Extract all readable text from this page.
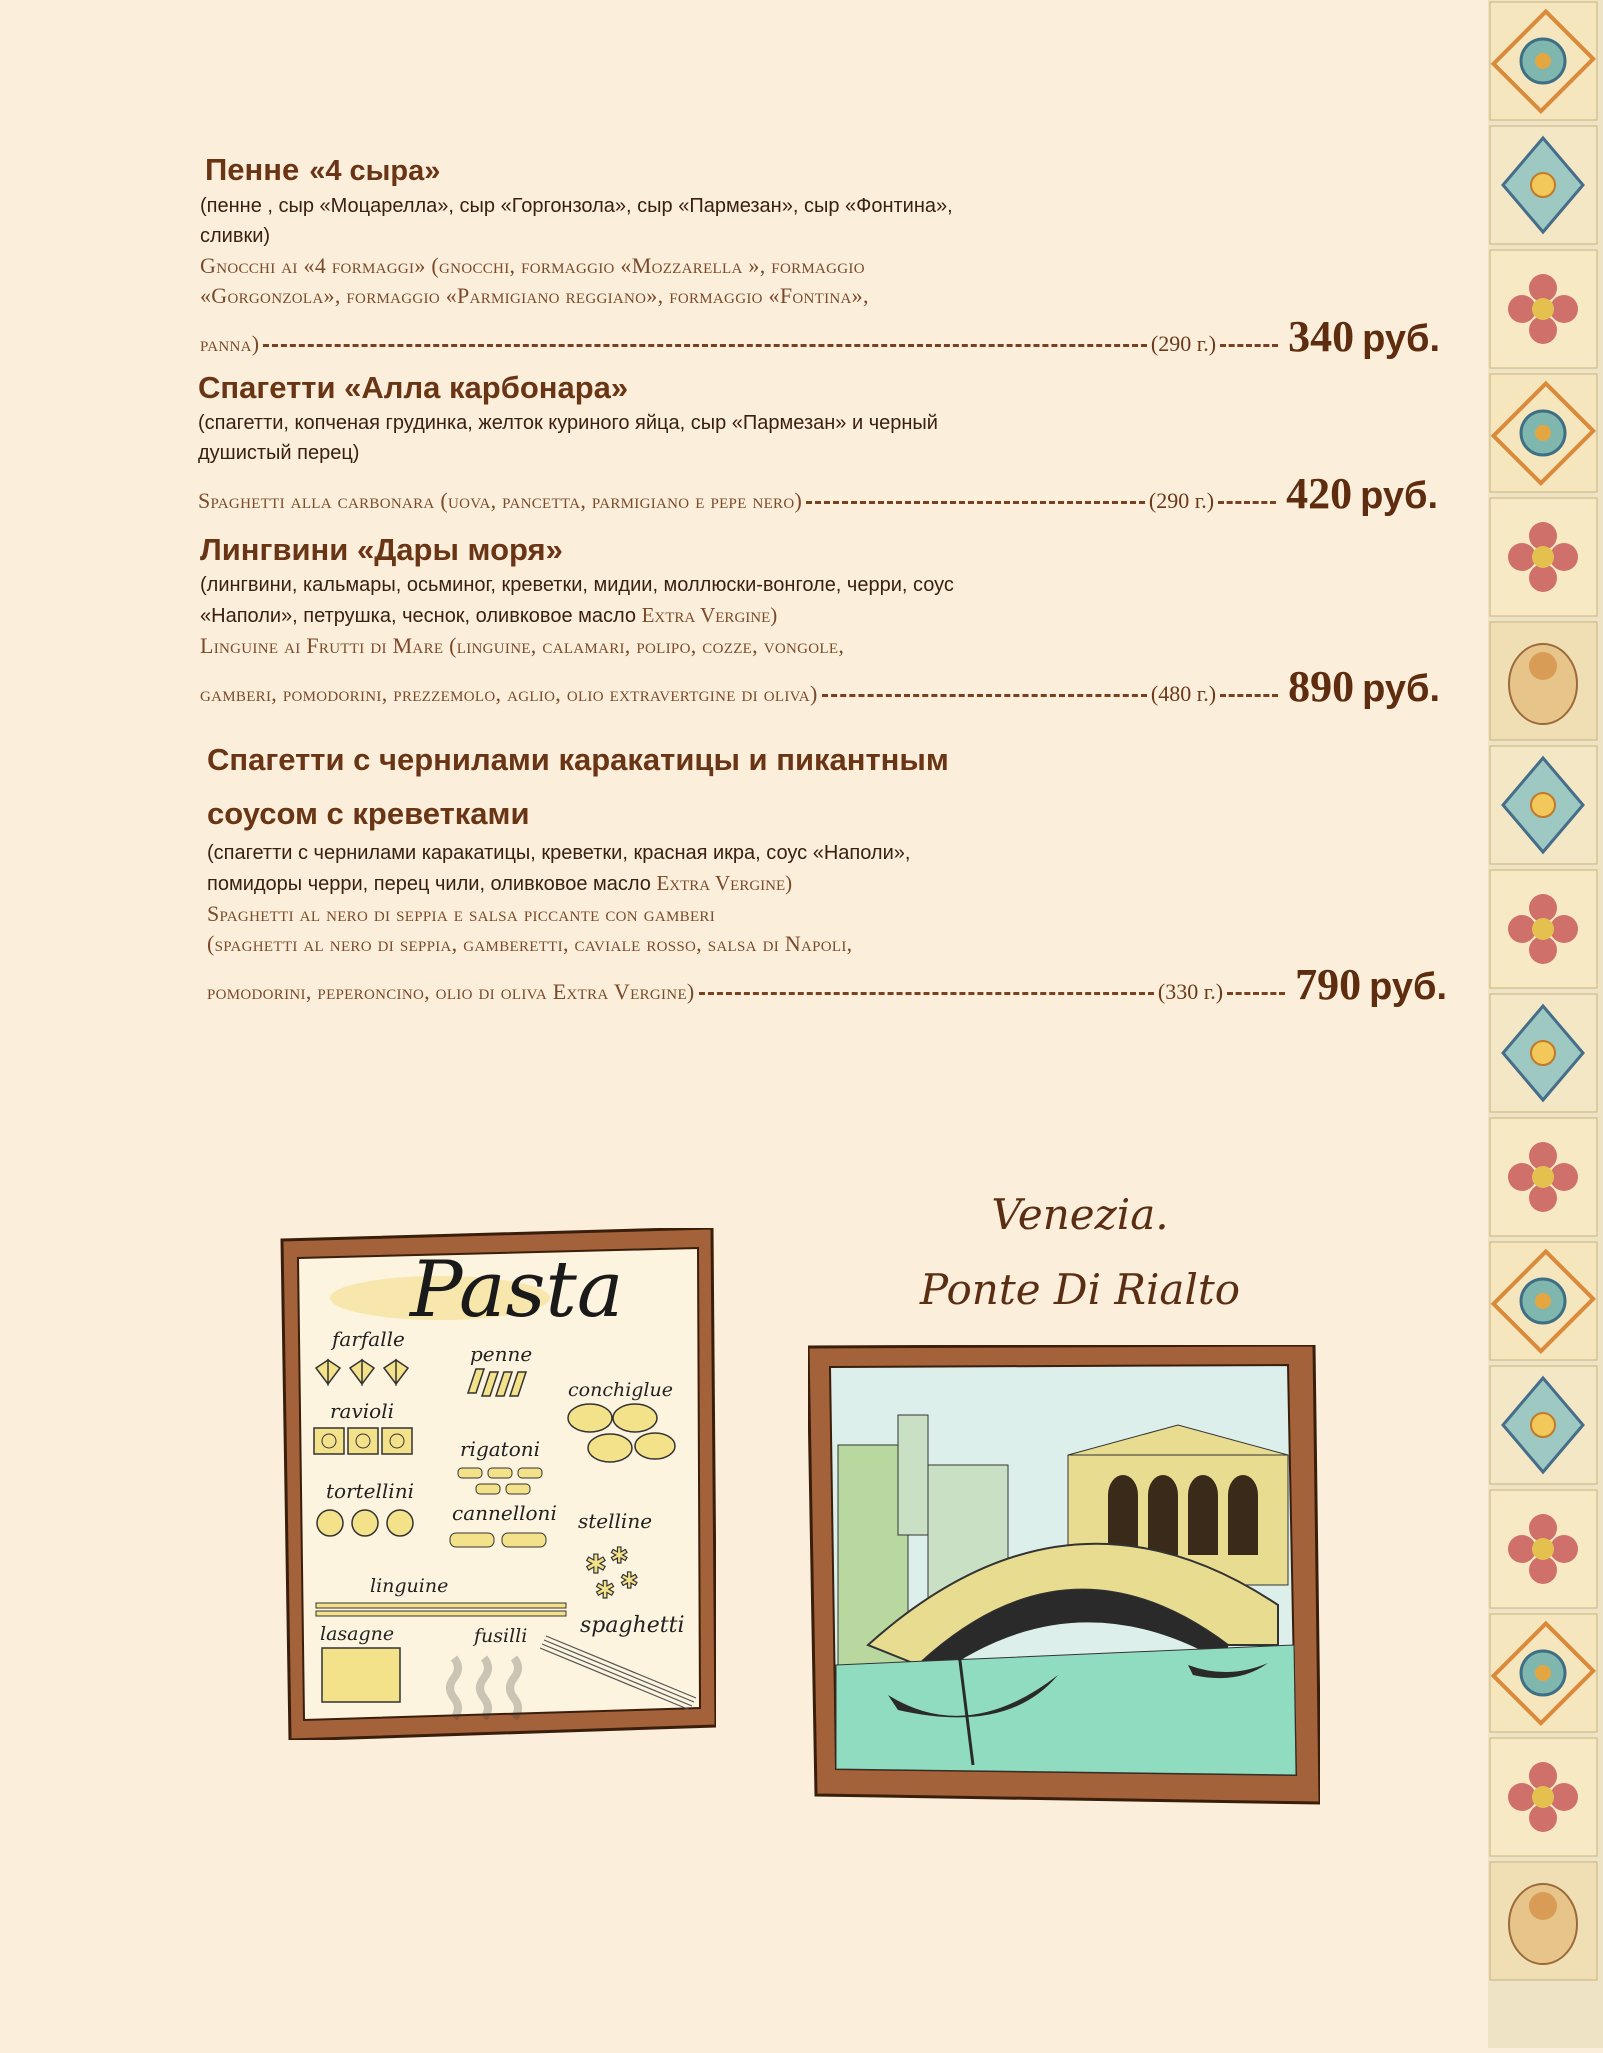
Пенне «4 сыра»
(пенне , сыр «Моцарелла», сыр «Горгонзола», сыр «Пармезан», сыр «Фонтина»,
сливки)
Gnocchi ai «4 formaggi» (gnocchi, formaggio «Mozzarella », formaggio
«Gorgonzola», formaggio «Parmigiano reggiano», formaggio «Fontina»,
panna)	(290 г.) 340 руб.
Спагетти «Алла карбонара»
(спагетти, копченая грудинка, желток куриного яйца, сыр «Пармезан» и черный
душистый перец)
Spaghetti alla carbonara (uova, pancetta, parmigiano e pepe nero)	(290 г.) 420 руб.
Лингвини «Дары моря»
(лингвини, кальмары, осьминог, креветки, мидии, моллюски-вонголе, черри, соус
«Наполи», петрушка, чеснок, оливковое масло Extra Vergine)
Linguine ai Frutti di Mare (linguine, calamari, polipo, cozze, vongole,
gamberi, pomodorini, prezzemolo, aglio, olio extravertgine di oliva)	(480 г.) 890 руб.
Спагетти с чернилами каракатицы и пикантным
соусом с креветками
(спагетти с чернилами каракатицы, креветки, красная икра, соус «Наполи»,
помидоры черри, перец чили, оливковое масло Extra Vergine)
Spaghetti al nero di seppia e salsa piccante con gamberi
(spaghetti al nero di seppia, gamberetti, caviale rosso, salsa di Napoli,
pomodorini, peperoncino, olio di oliva Extra Vergine)	(330 г.) 790 руб.
Pasta
farfalle
penne
ravioli
conchiglue
rigatoni
tortellini
cannelloni
✱ ✱
✱ ✱
stelline
linguine
lasagne	fusilli spaghetti
Venezia.
Ponte Di Rialto
